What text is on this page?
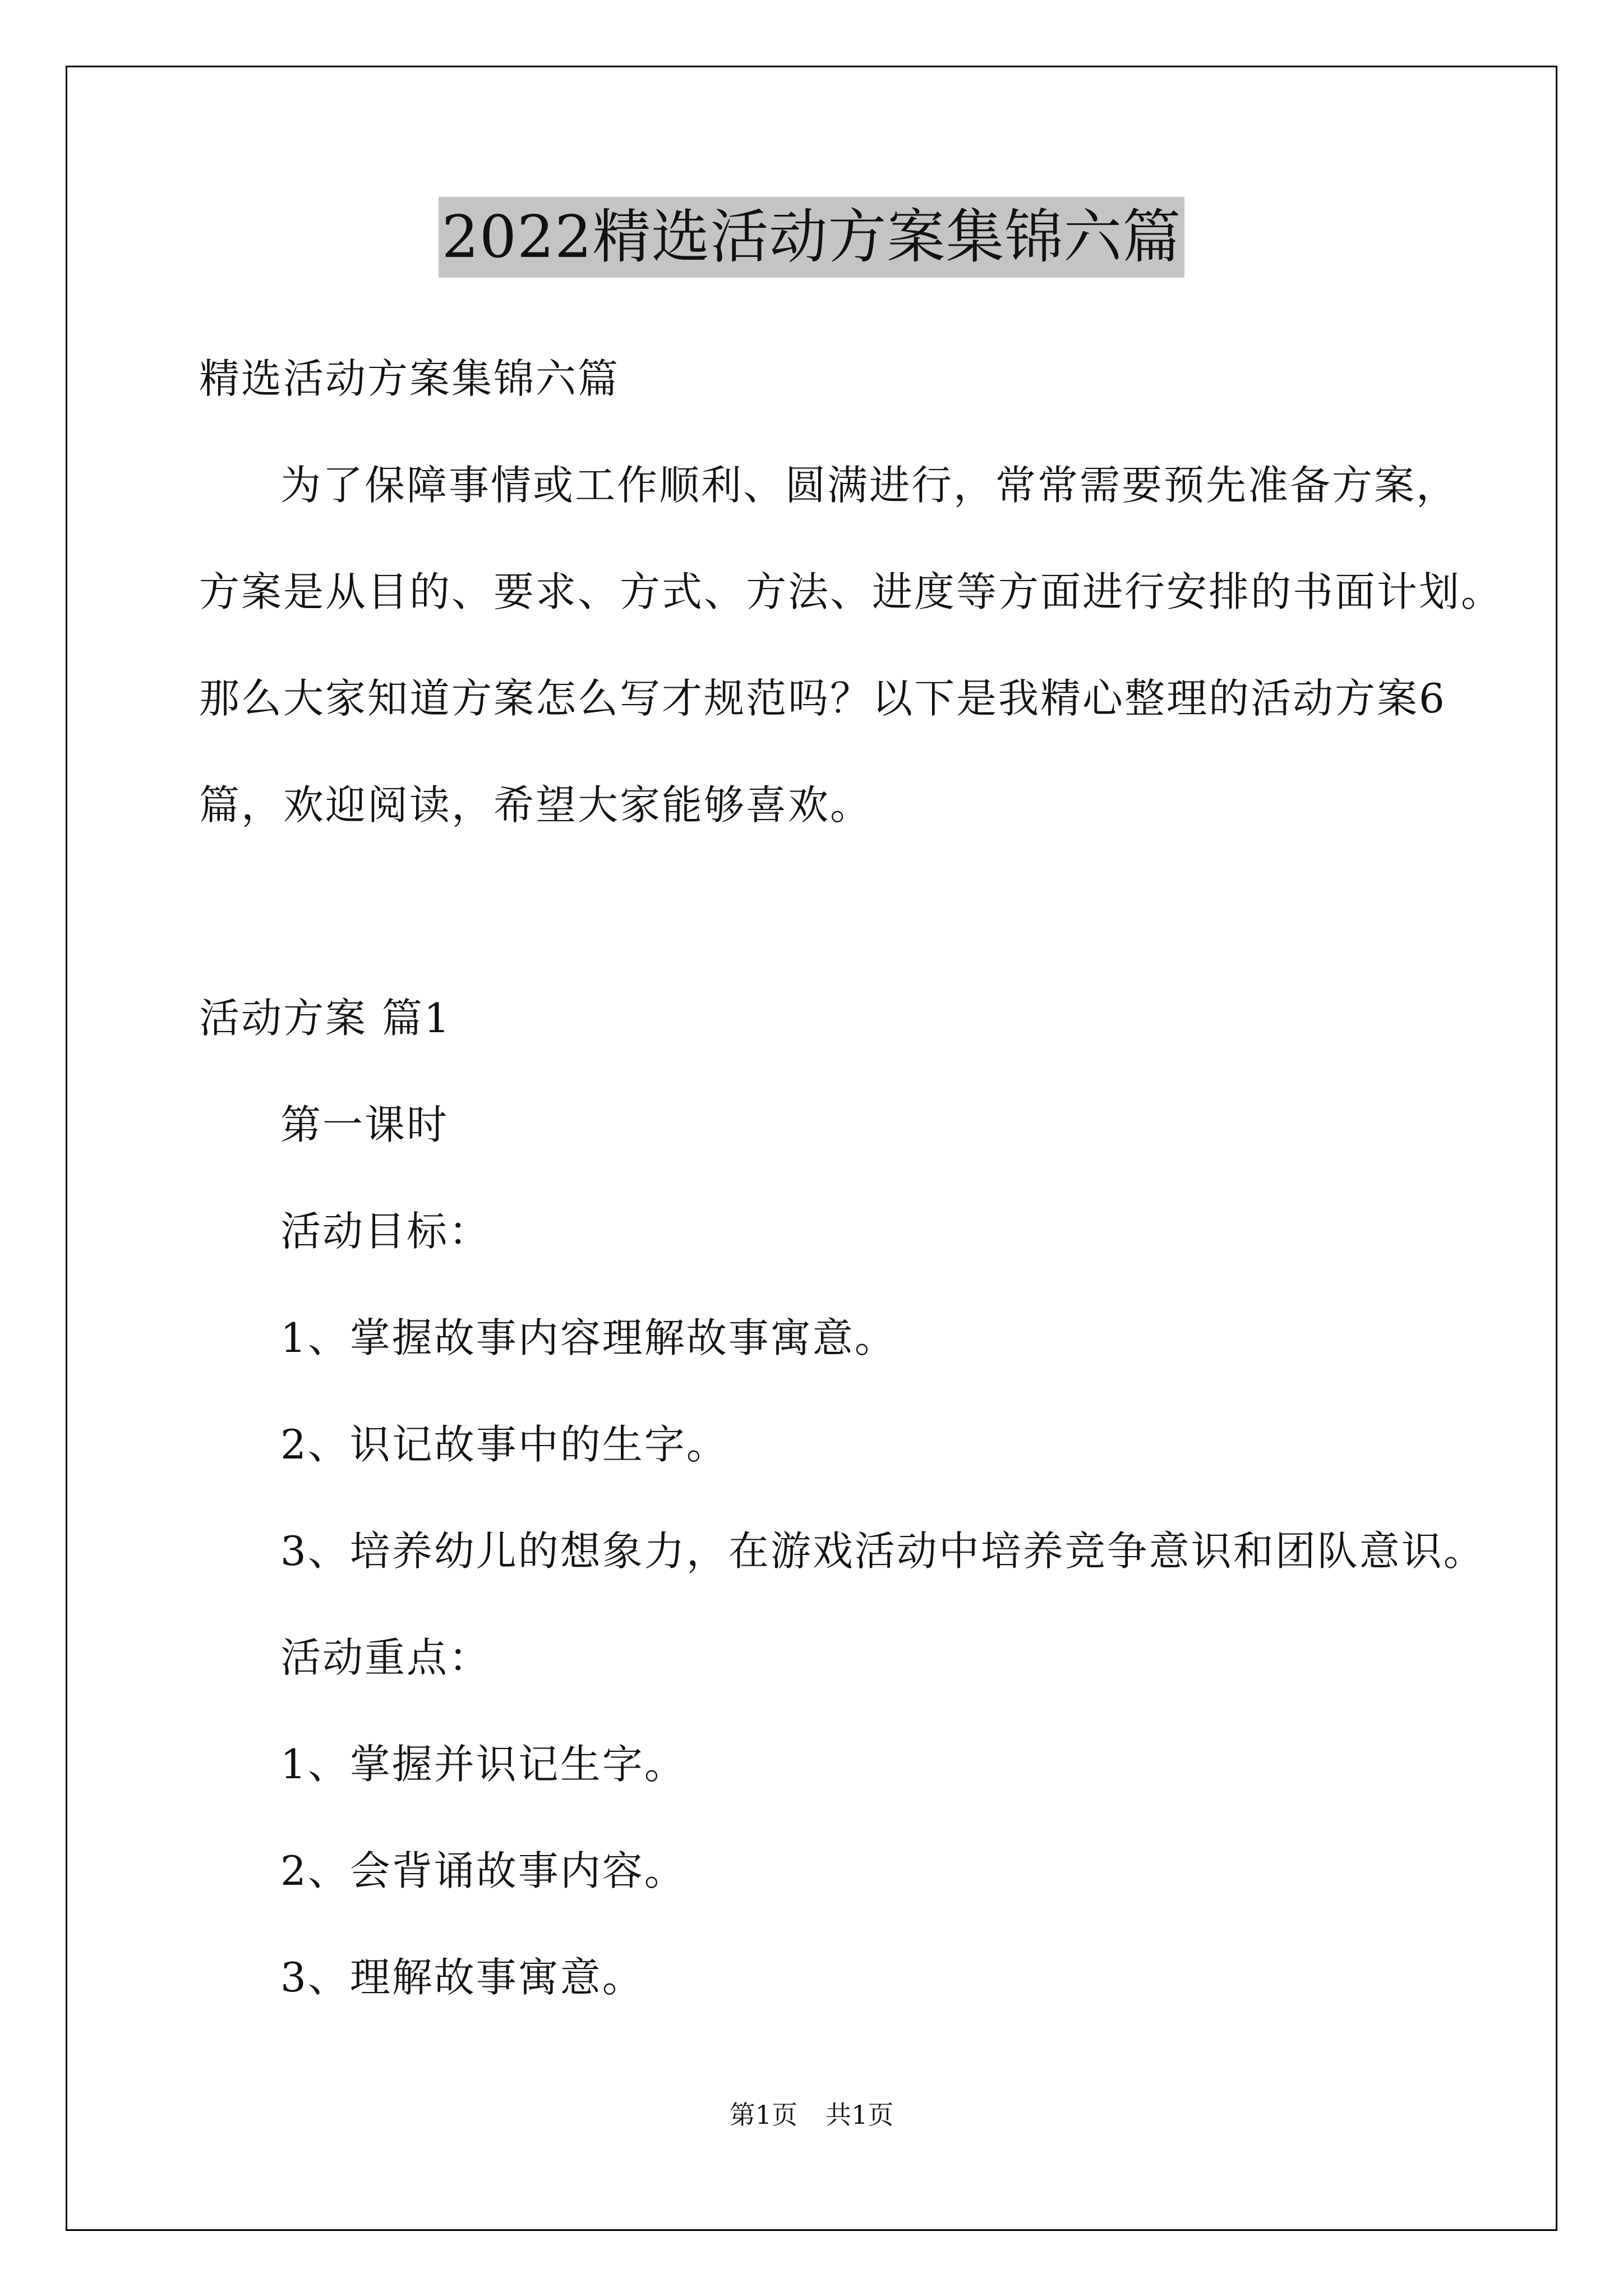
2022精选活动方案集锦六篇
精选活动方案集锦六篇
为了保障事情或工作顺利、圆满进行，常常需要预先准备方案，
方案是从目的、要求、方式、方法、进度等方面进行安排的书面计划。
那么大家知道方案怎么写才规范吗？以下是我精心整理的活动方案6
篇，欢迎阅读，希望大家能够喜欢。
活动方案 篇1
第一课时
活动目标：
1、掌握故事内容理解故事寓意。
2、识记故事中的生字。
3、培养幼儿的想象力，在游戏活动中培养竞争意识和团队意识。
活动重点：
1、掌握并识记生字。
2、会背诵故事内容。
3、理解故事寓意。
第1页 共1页
